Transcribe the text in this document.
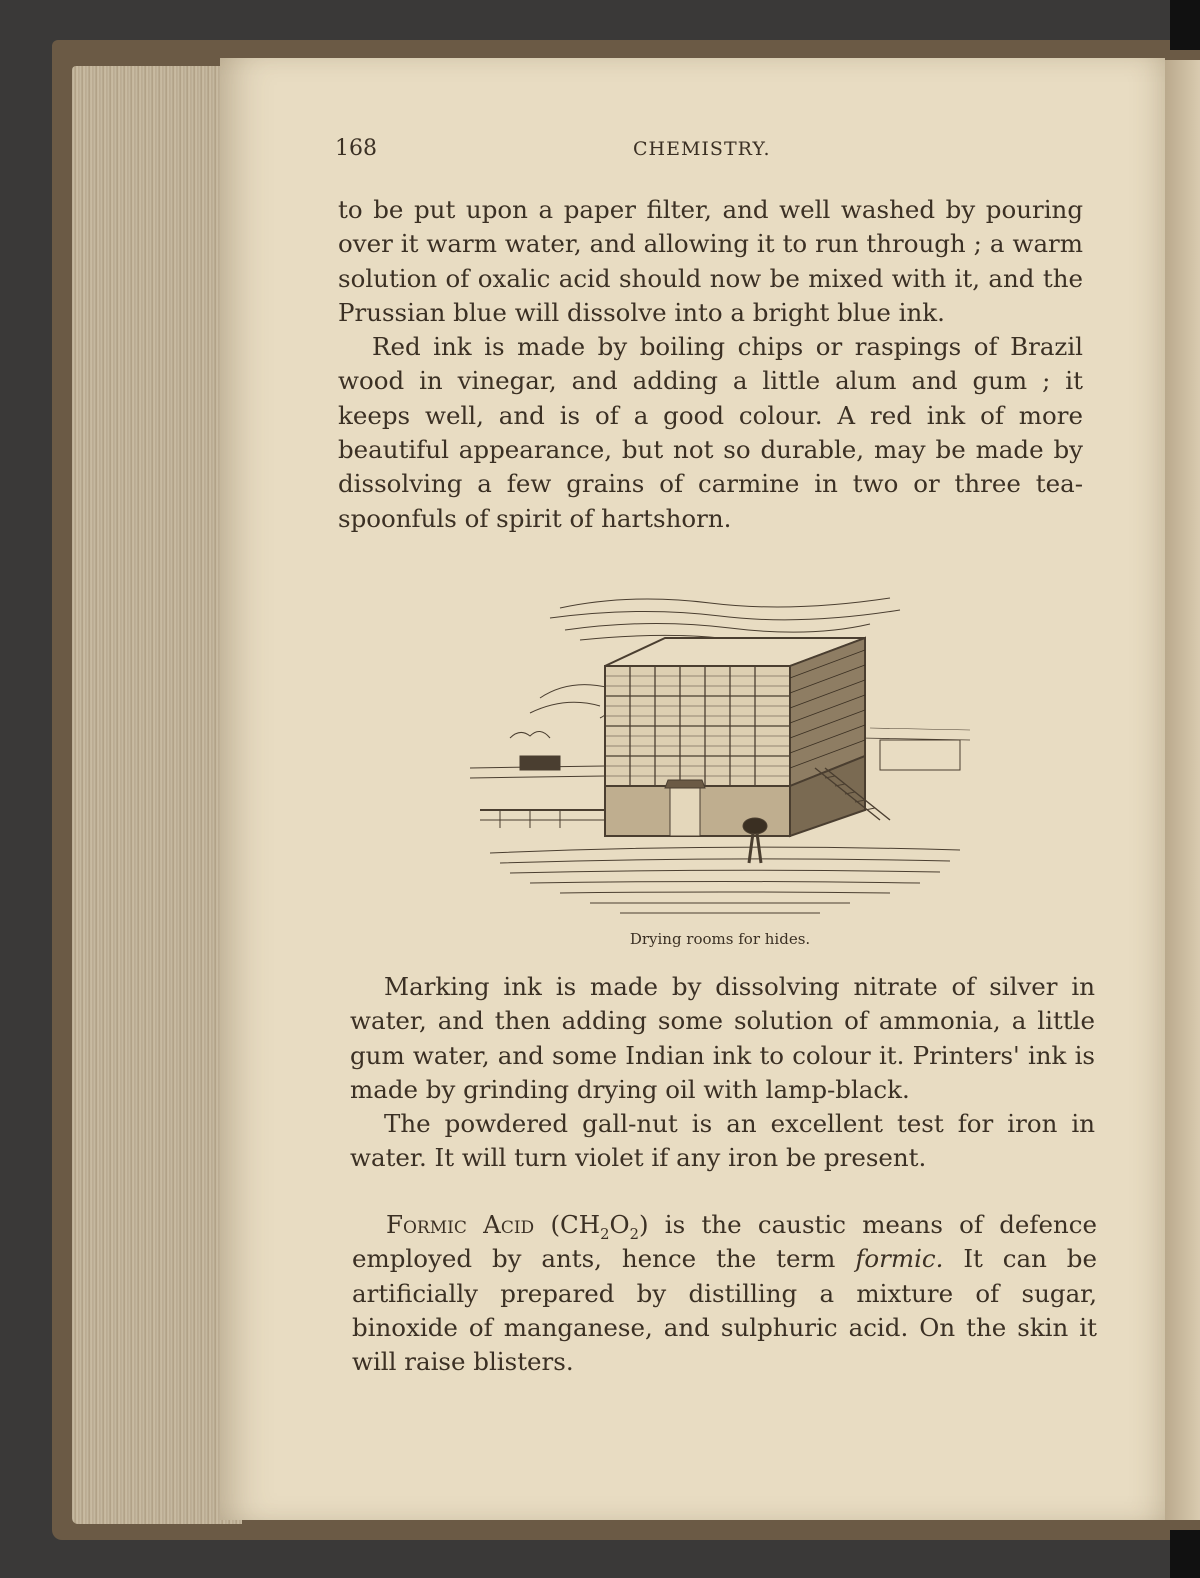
168	CHEMISTRY.

to be put upon a paper filter, and well washed by pouring over it warm water, and allowing it to run through ; a warm solution of oxalic acid should now be mixed with it, and the Prussian blue will dissolve into a bright blue ink.

Red ink is made by boiling chips or raspings of Brazil wood in vinegar, and adding a little alum and gum ; it keeps well, and is of a good colour. A red ink of more beautiful appearance, but not so durable, may be made by dissolving a few grains of carmine in two or three tea-spoonfuls of spirit of hartshorn.

Drying rooms for hides.

Marking ink is made by dissolving nitrate of silver in water, and then adding some solution of ammonia, a little gum water, and some Indian ink to colour it. Printers' ink is made by grinding drying oil with lamp-black.

The powdered gall-nut is an excellent test for iron in water. It will turn violet if any iron be present.

Formic Acid $(CH_2O_2)$ is the caustic means of defence employed by ants, hence the term formic. It can be artificially prepared by distilling a mixture of sugar, binoxide of manganese, and sulphuric acid. On the skin it will raise blisters.
